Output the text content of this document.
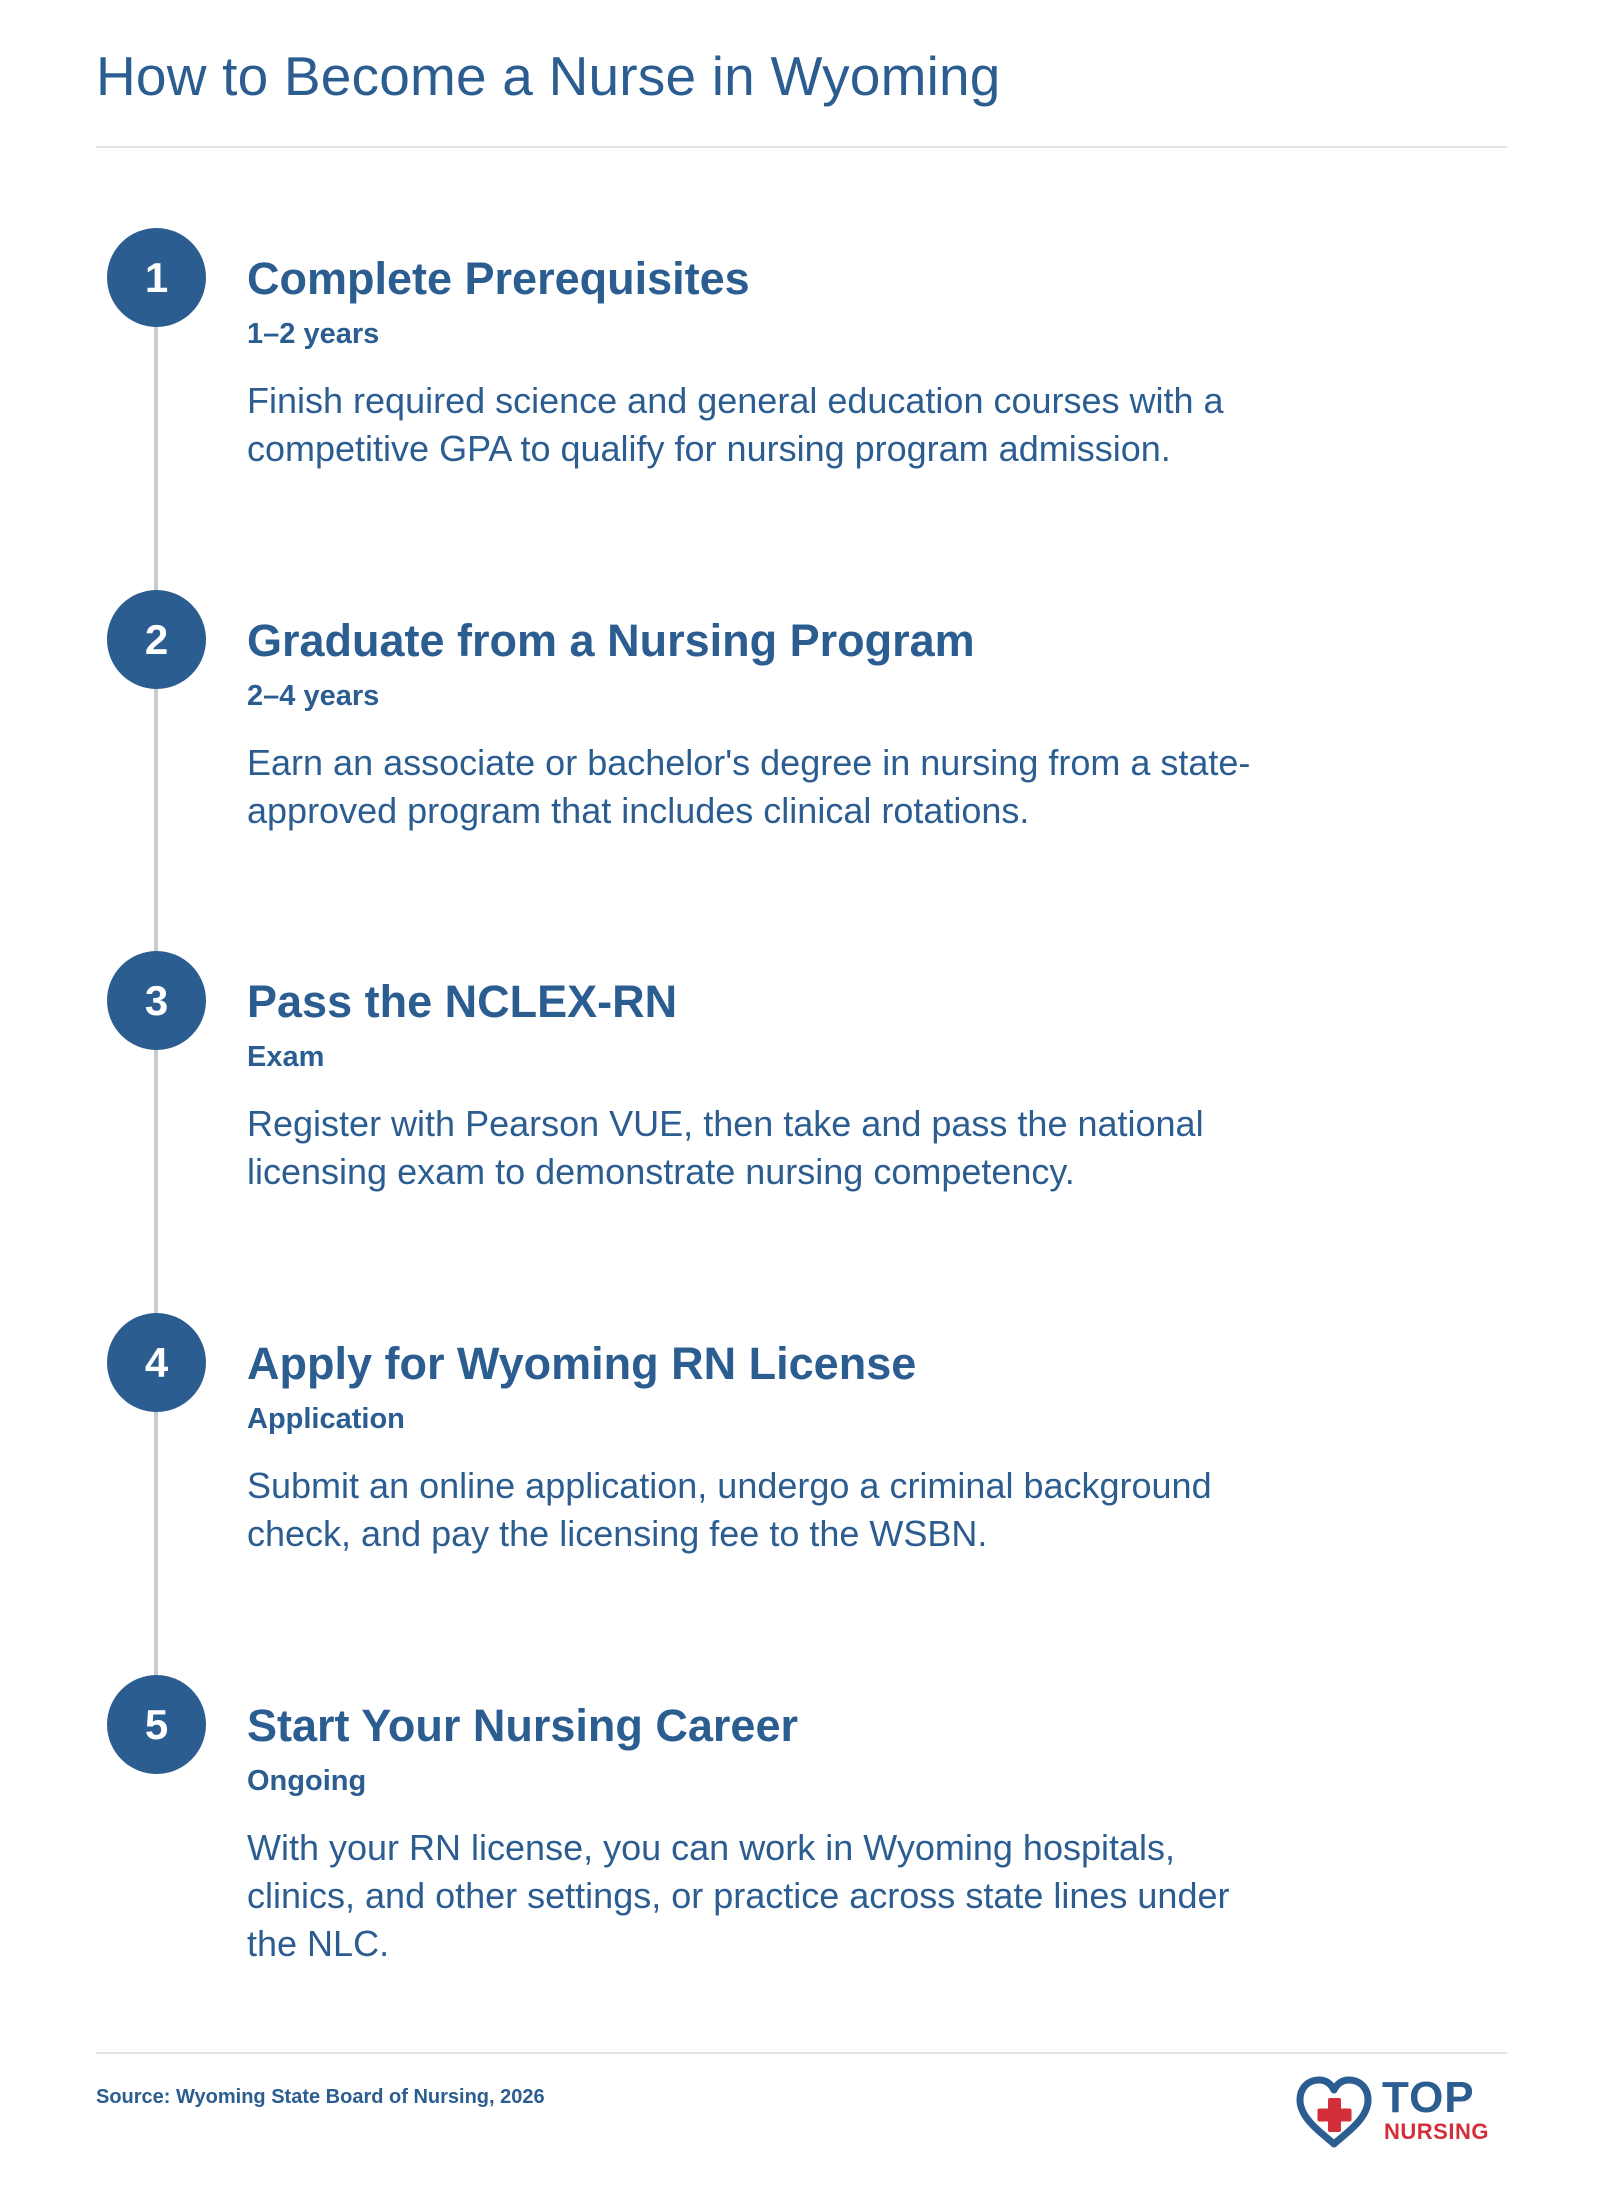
How to Become a Nurse in Wyoming
1	Complete Prerequisites
1–2 years

Finish required science and general education courses with a competitive GPA to qualify for nursing program admission.

2	Graduate from a Nursing Program
2–4 years

Earn an associate or bachelor's degree in nursing from a state-approved program that includes clinical rotations.

3	Pass the NCLEX-RN
Exam

Register with Pearson VUE, then take and pass the national licensing exam to demonstrate nursing competency.

4	Apply for Wyoming RN License
Application

Submit an online application, undergo a criminal background check, and pay the licensing fee to the WSBN.

5	Start Your Nursing Career
Ongoing

With your RN license, you can work in Wyoming hospitals, clinics, and other settings, or practice across state lines under the NLC.

Source: Wyoming State Board of Nursing, 2026	TOP
NURSING
